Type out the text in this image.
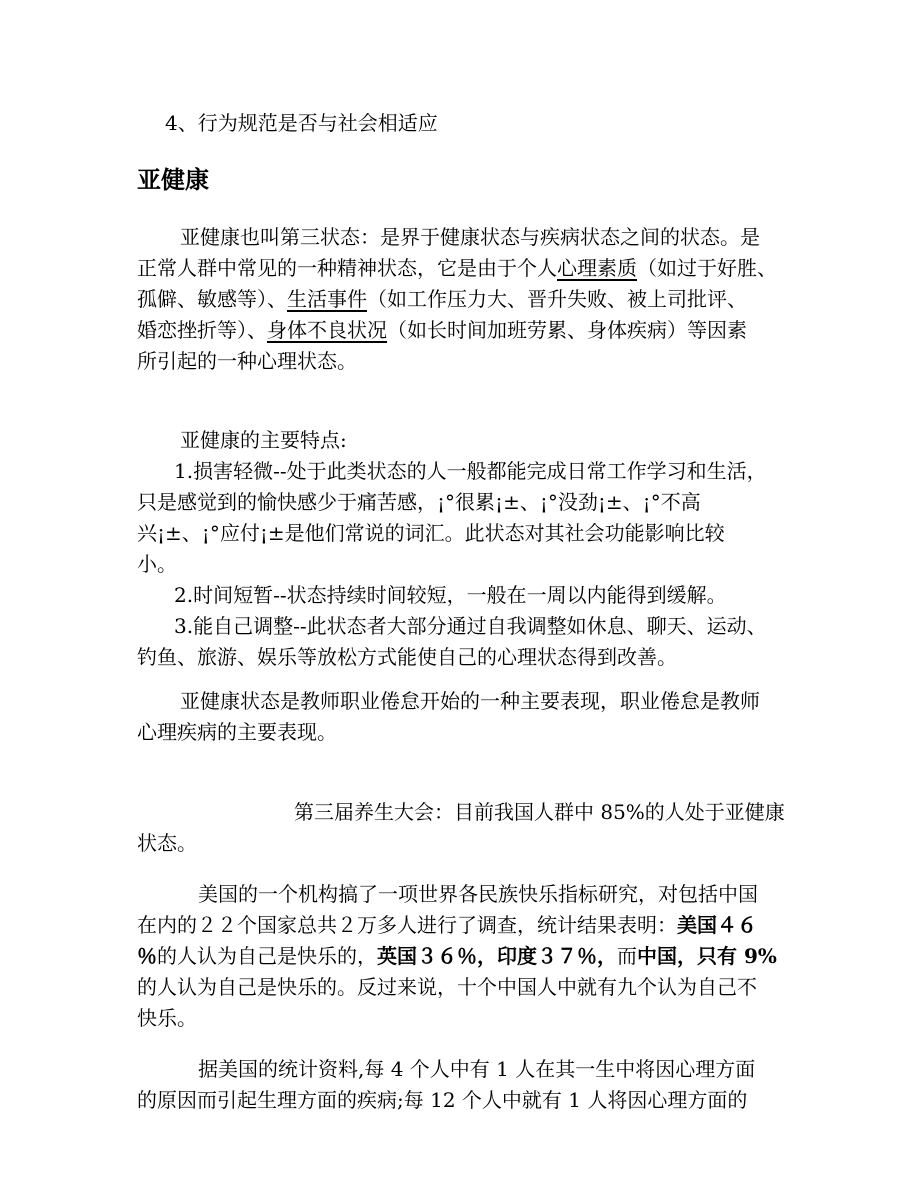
4、行为规范是否与社会相适应
亚健康
亚健康也叫第三状态：是界于健康状态与疾病状态之间的状态。是
正常人群中常见的一种精神状态，它是由于个人心理素质（如过于好胜、
孤僻、敏感等）、生活事件（如工作压力大、晋升失败、被上司批评、
婚恋挫折等）、身体不良状况（如长时间加班劳累、身体疾病）等因素
所引起的一种心理状态。
亚健康的主要特点:
1.损害轻微--处于此类状态的人一般都能完成日常工作学习和生活，
只是感觉到的愉快感少于痛苦感，¡°很累¡±、¡°没劲¡±、¡°不高
兴¡±、¡°应付¡±是他们常说的词汇。此状态对其社会功能影响比较
小。
2.时间短暂--状态持续时间较短，一般在一周以内能得到缓解。
3.能自己调整--此状态者大部分通过自我调整如休息、聊天、运动、
钓鱼、旅游、娱乐等放松方式能使自己的心理状态得到改善。
亚健康状态是教师职业倦怠开始的一种主要表现，职业倦怠是教师
心理疾病的主要表现。
第三届养生大会：目前我国人群中 85%的人处于亚健康
状态。
美国的一个机构搞了一项世界各民族快乐指标研究，对包括中国
在内的２２个国家总共２万多人进行了调查，统计结果表明：美国４６
％的人认为自己是快乐的，英国３６％，印度３７％，而中国，只有 9%
的人认为自己是快乐的。反过来说，十个中国人中就有九个认为自己不
快乐。
据美国的统计资料,每 4 个人中有 1 人在其一生中将因心理方面
的原因而引起生理方面的疾病;每 12 个人中就有 1 人将因心理方面的
